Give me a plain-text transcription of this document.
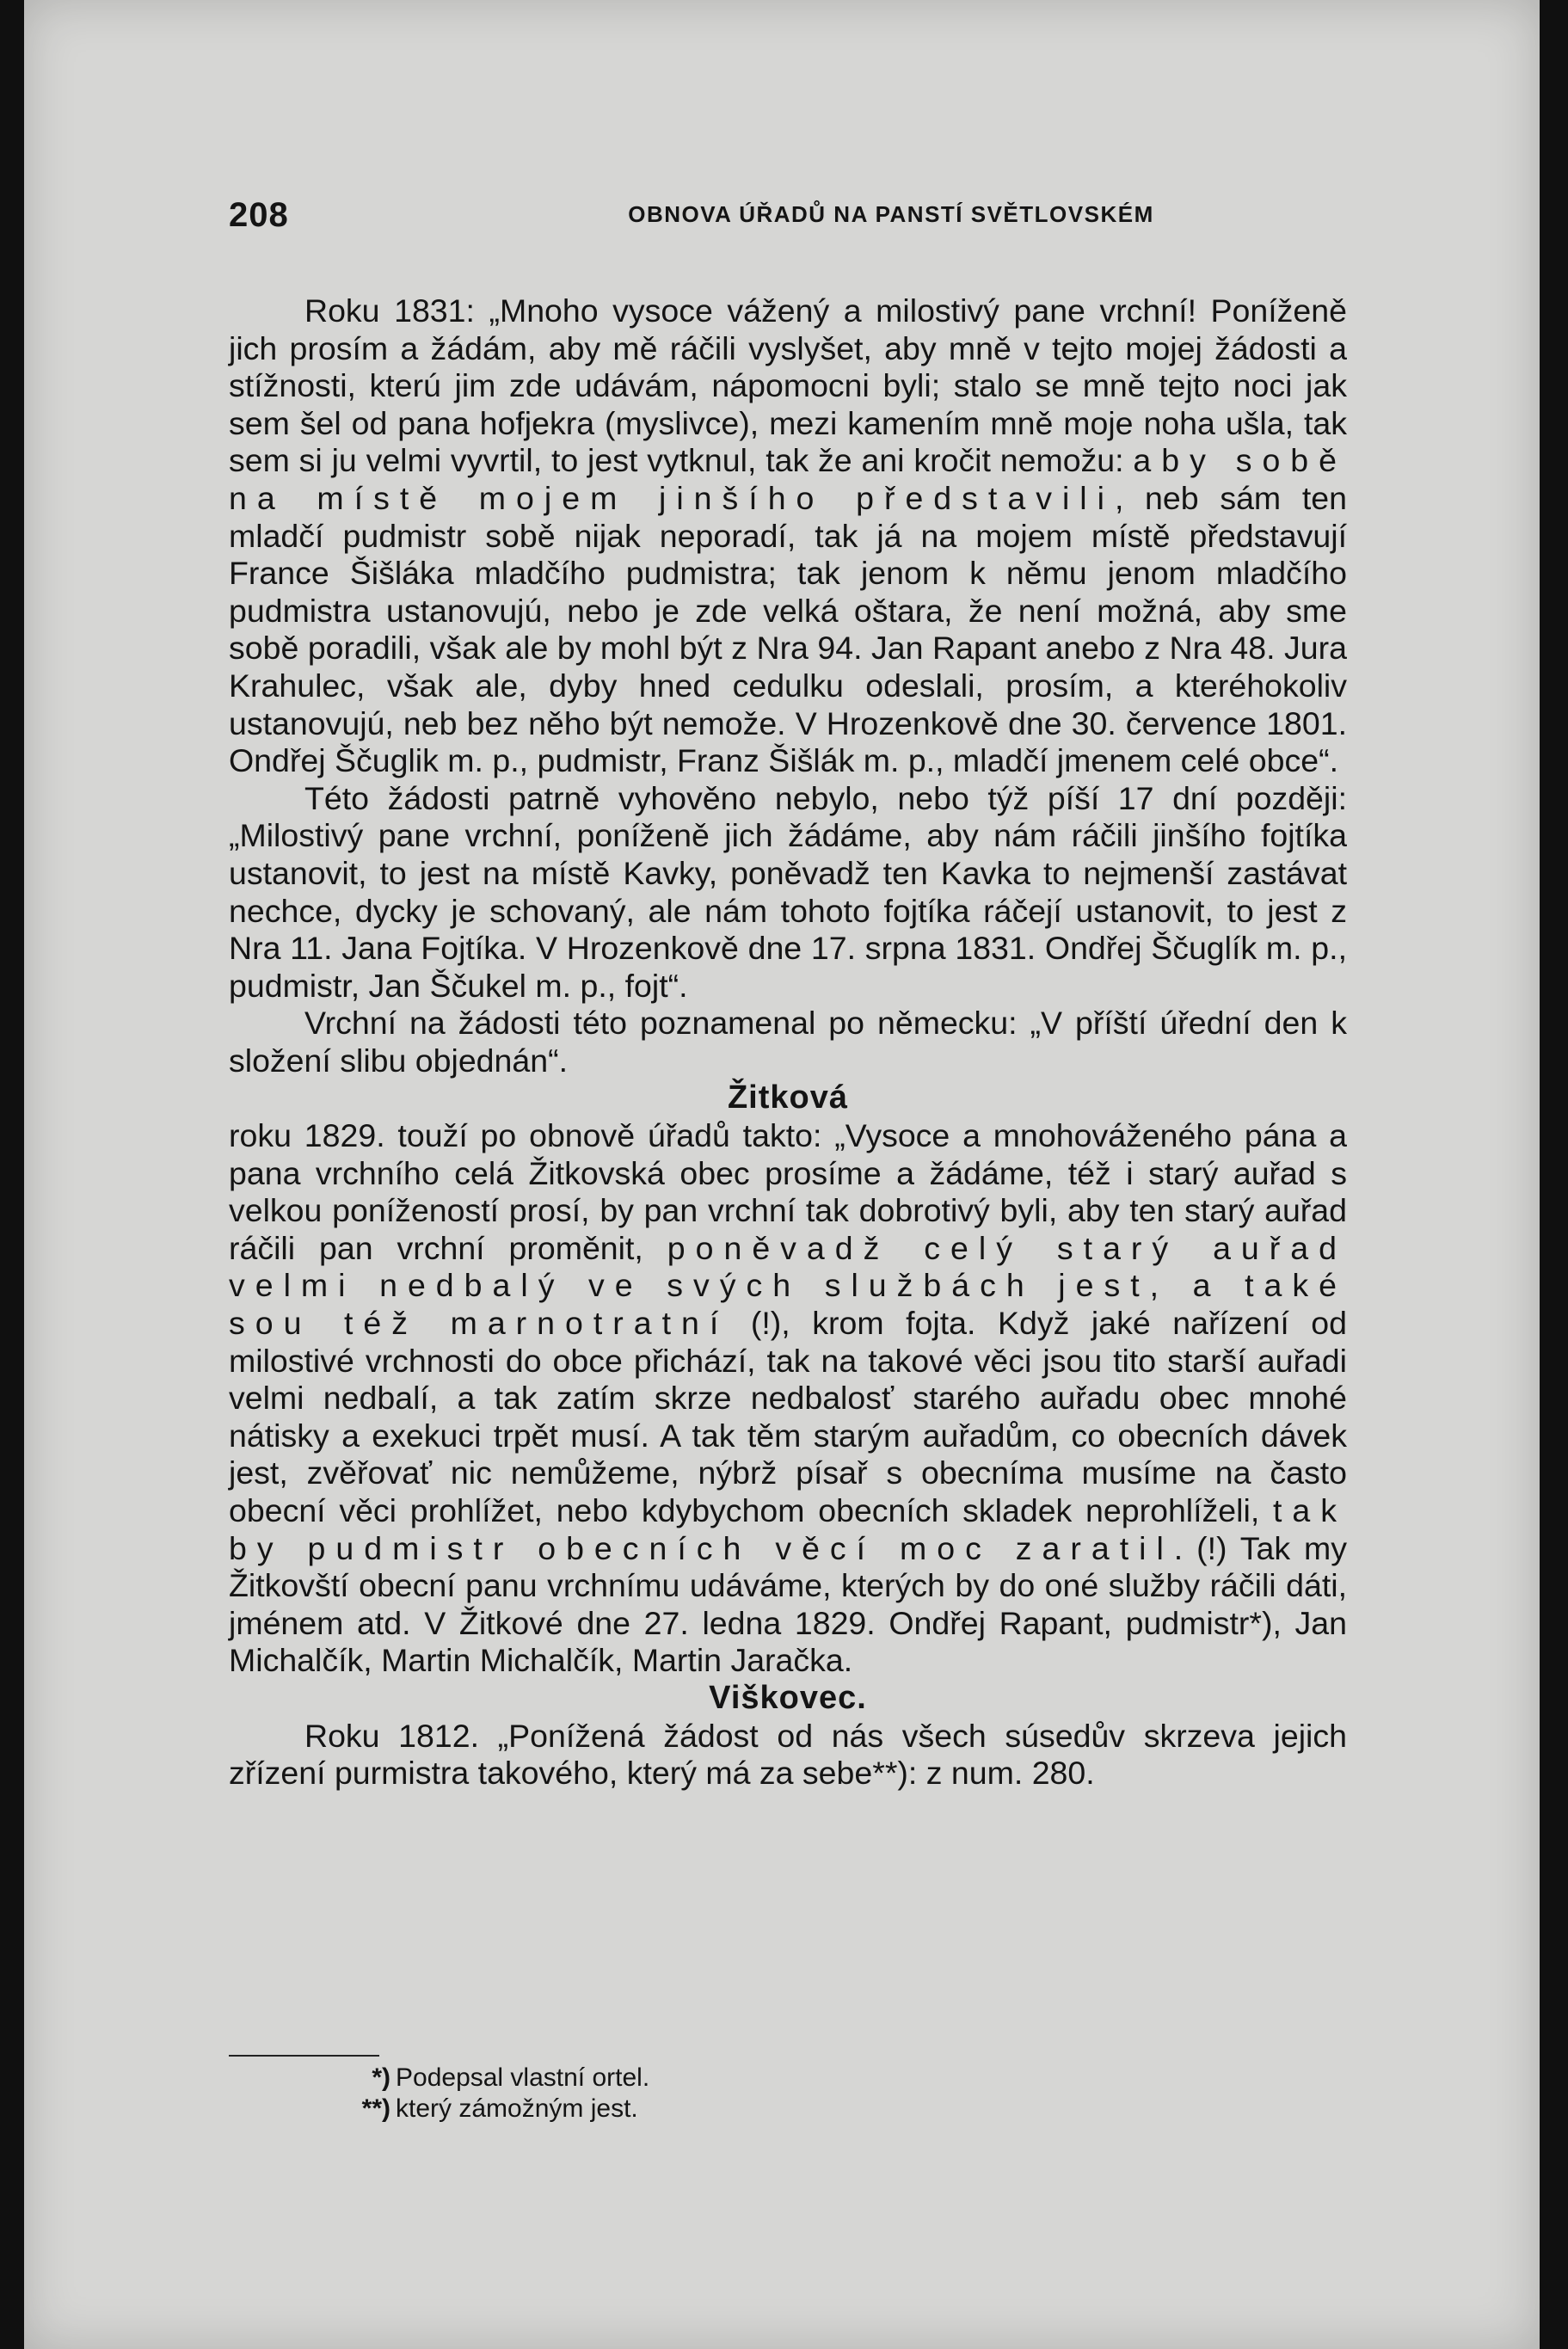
208	OBNOVA ÚŘADŮ NA PANSTÍ SVĚTLOVSKÉM

Roku 1831: „Mnoho vysoce vážený a milostivý pane vrchní! Poníženě jich prosím a žádám, aby mě ráčili vyslyšet, aby mně v tejto mojej žádosti a stížnosti, kterú jim zde udávám, nápomocni byli; stalo se mně tejto noci jak sem šel od pana hofjekra (myslivce), mezi kamením mně moje noha ušla, tak sem si ju velmi vyvrtil, to jest vytknul, tak že ani kročit nemožu: aby sobě na místě mojem jinšího představili, neb sám ten mladčí pudmistr sobě nijak neporadí, tak já na mojem místě představují France Šišláka mladčího pudmistra; tak jenom k němu jenom mladčího pudmistra ustanovujú, nebo je zde velká oštara, že není možná, aby sme sobě poradili, však ale by mohl být z Nra 94. Jan Rapant anebo z Nra 48. Jura Krahulec, však ale, dyby hned cedulku odeslali, prosím, a kteréhokoliv ustanovujú, neb bez něho být nemože. V Hrozenkově dne 30. července 1801. Ondřej Ščuglik m. p., pudmistr, Franz Šišlák m. p., mladčí jmenem celé obce“.

Této žádosti patrně vyhověno nebylo, nebo týž píší 17 dní později: „Milostivý pane vrchní, poníženě jich žádáme, aby nám ráčili jinšího fojtíka ustanovit, to jest na místě Kavky, poněvadž ten Kavka to nejmenší zastávat nechce, dycky je schovaný, ale nám tohoto fojtíka ráčejí ustanovit, to jest z Nra 11. Jana Fojtíka. V Hrozenkově dne 17. srpna 1831. Ondřej Ščuglík m. p., pudmistr, Jan Ščukel m. p., fojt“.

Vrchní na žádosti této poznamenal po německu: „V příští úřední den k složení slibu objednán“.

Žitková

roku 1829. touží po obnově úřadů takto: „Vysoce a mnohováženého pána a pana vrchního celá Žitkovská obec prosíme a žádáme, též i starý auřad s velkou ponížeností prosí, by pan vrchní tak dobrotivý byli, aby ten starý auřad ráčili pan vrchní proměnit, poněvadž celý starý auřad velmi nedbalý ve svých službách jest, a také sou též marnotratní (!), krom fojta. Když jaké nařízení od milostivé vrchnosti do obce přichází, tak na takové věci jsou tito starší auřadi velmi nedbalí, a tak zatím skrze nedbalosť starého auřadu obec mnohé nátisky a exekuci trpět musí. A tak těm starým auřadům, co obecních dávek jest, zvěřovať nic nemůžeme, nýbrž písař s obecníma musíme na často obecní věci prohlížet, nebo kdybychom obecních skladek neprohlíželi, tak by pudmistr obecních věcí moc zaratil. (!) Tak my Žitkovští obecní panu vrchnímu udáváme, kterých by do oné služby ráčili dáti, jménem atd. V Žitkové dne 27. ledna 1829. Ondřej Rapant, pudmistr*), Jan Michalčík, Martin Michalčík, Martin Jaračka.

Viškovec.

Roku 1812. „Ponížená žádost od nás všech súsedův skrzeva jejich zřízení purmistra takového, který má za sebe**): z num. 280.

*) Podepsal vlastní ortel.
**) který zámožným jest.
